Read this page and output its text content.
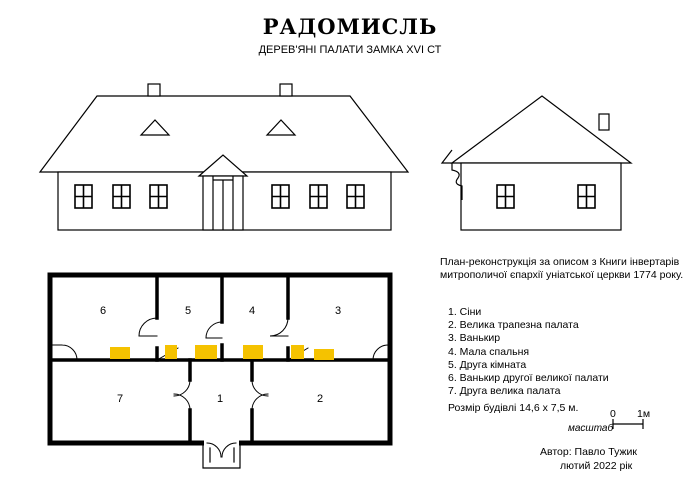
РАДОМИСЛЬ
ДЕРЕВ'ЯНІ ПАЛАТИ ЗАМКА XVI СТ
6	5	4	3
7	1	2
План-реконструкція за описом з Книги інвертарів митрополичої єпархії уніатської церкви 1774 року.
1. Сіни
2. Велика трапезна палата
3. Ванькир
4. Мала спальня
5. Друга кімната
6. Ванькир другої великої палати
7. Друга велика палата
Розмір будівлі 14,6 х 7,5 м.	0 1м
масштаб
Автор: Павло Тужик
лютий 2022 рік
